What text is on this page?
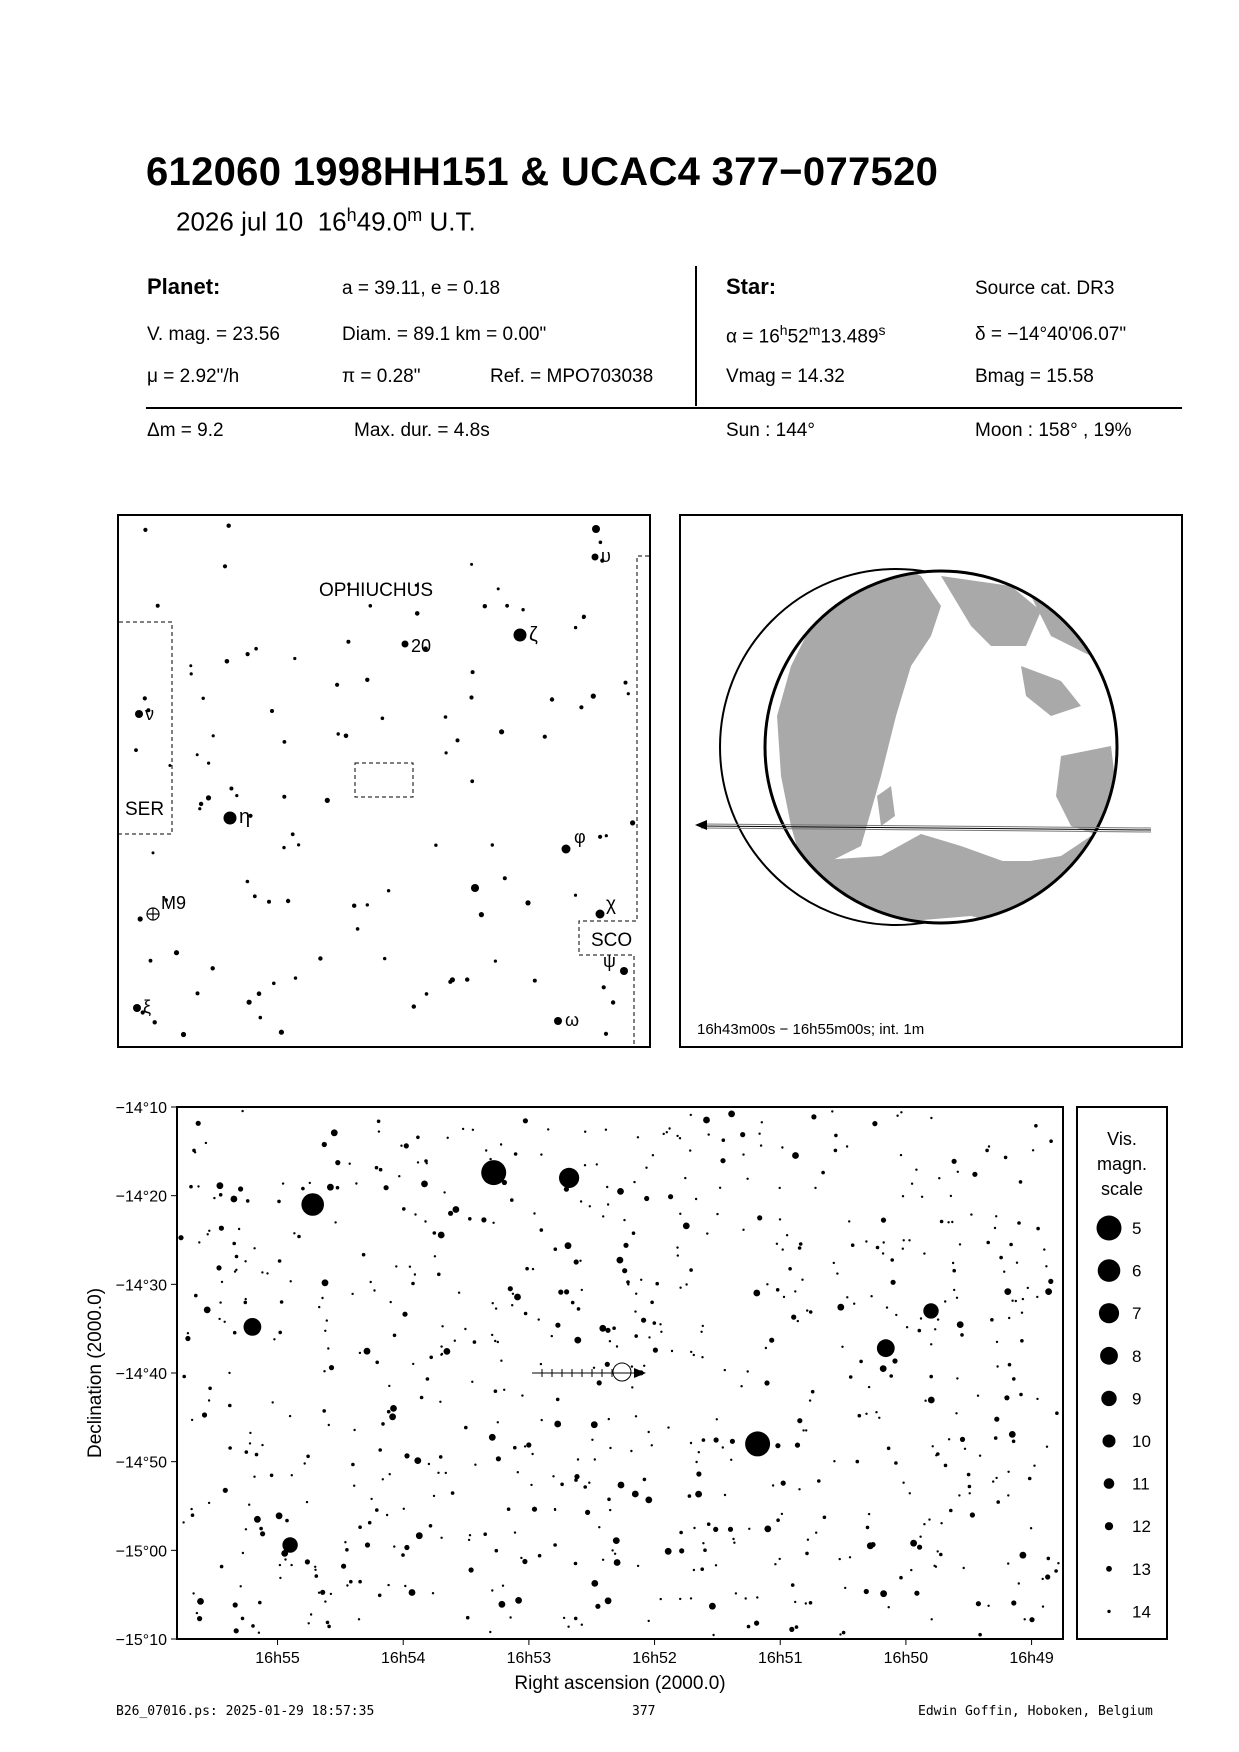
612060 1998HH151 & UCAC4 377−077520
2026 jul 10 16$^h$49.0$^m$ U.T.
Planet:	a = 39.11, e = 0.18
V. mag. = 23.56	Diam. = 89.1 km = 0.00"
μ = 2.92"/h	π = 0.28"	Ref. = MPO703038
Star:	Source cat. DR3
$\alpha = 16^h52^m13.489^s$	δ = −14°40'06.07"
Vmag = 14.32	Bmag = 15.58
Δm = 9.2	Max. dur. = 4.8s	Sun : 144°	Moon : 158° , 19%
OPHIUCHUS
20	ζ
υ
ν
SER	η
φ
M9	χ
SCO
ψ
ω
ξ
16h43m00s − 16h55m00s; int. 1m
16h55	16h54	16h53	16h52	16h51	16h50	16h49
−14°10
−14°20
−14°30
−14°40
−14°50
−15°00
−15°10
Right ascension (2000.0)
Declination (2000.0)
Vis.
magn.
scale
5
6
7
8
9
10
11
12
13
14
B26_07016.ps: 2025-01-29 18:57:35	377	Edwin Goffin, Hoboken, Belgium
